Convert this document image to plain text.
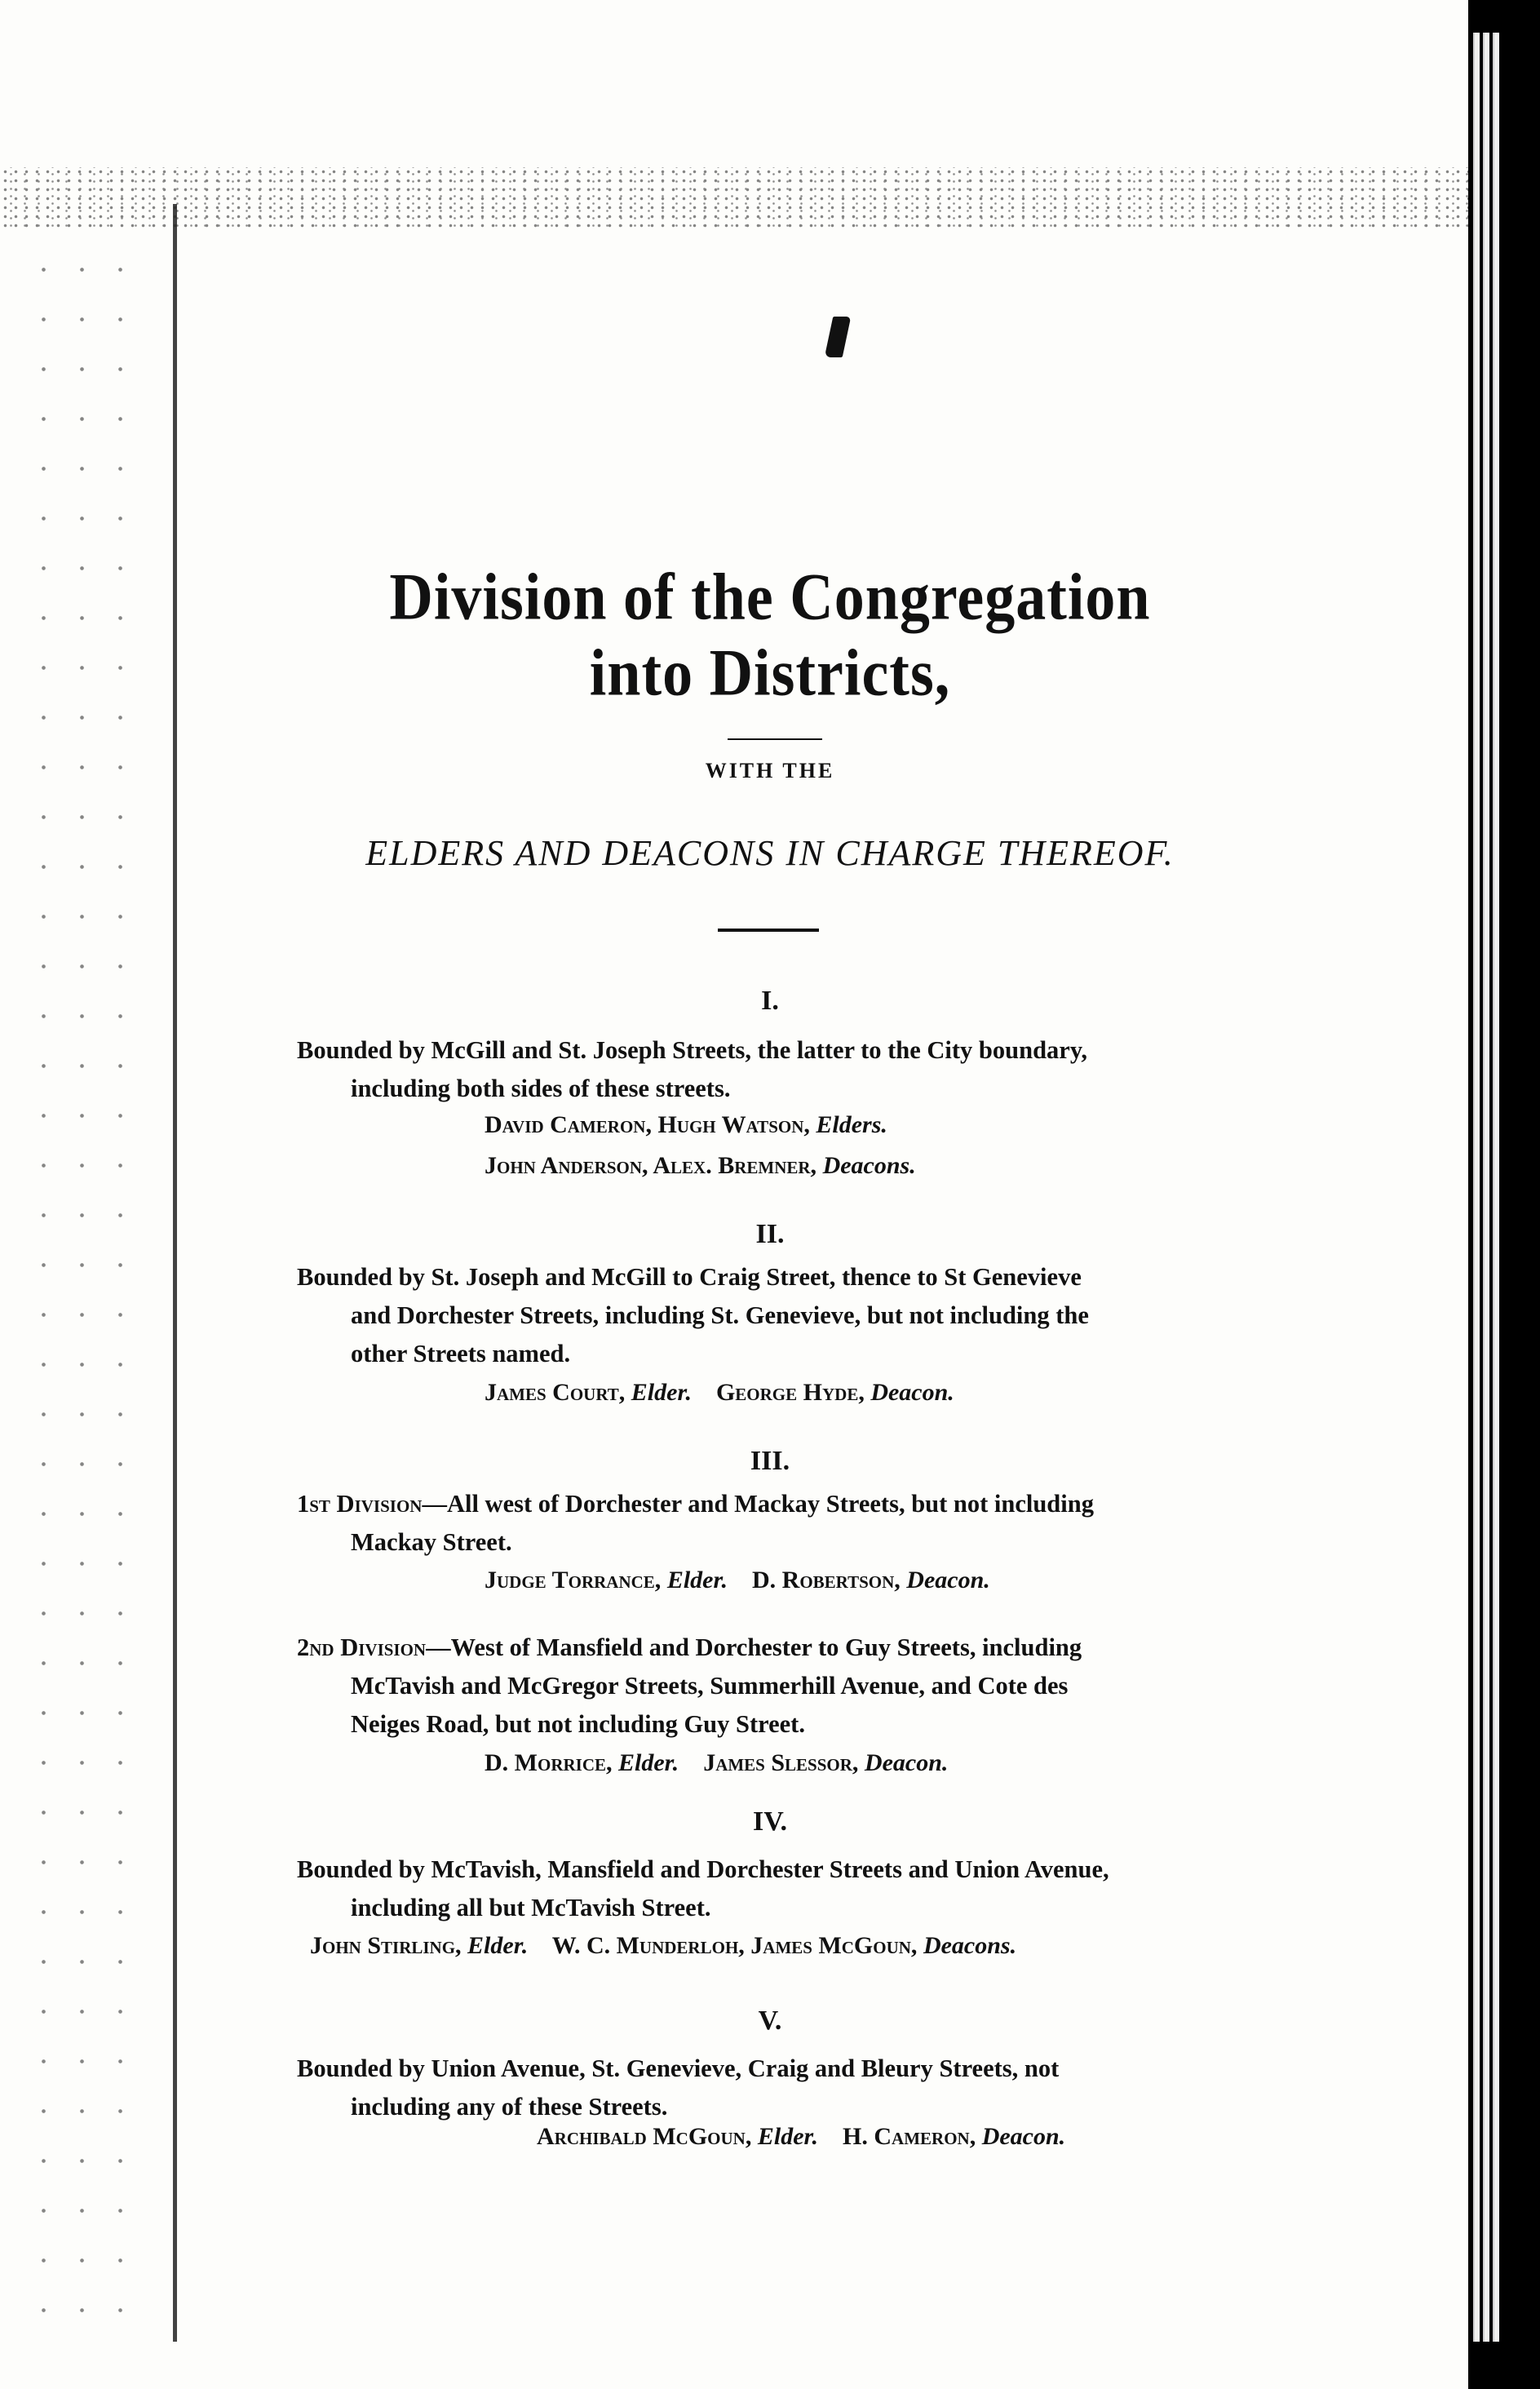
Division of the Congregation
into Districts,
WITH THE
ELDERS AND DEACONS IN CHARGE THEREOF.
I.
Bounded by McGill and St. Joseph Streets, the latter to the City boundary,
including both sides of these streets.
David Cameron, Hugh Watson, Elders.
John Anderson, Alex. Bremner, Deacons.
II.
Bounded by St. Joseph and McGill to Craig Street, thence to St Genevieve
and Dorchester Streets, including St. Genevieve, but not including the
other Streets named.
James Court, Elder. George Hyde, Deacon.
III.
1st Division—All west of Dorchester and Mackay Streets, but not including
Mackay Street.
Judge Torrance, Elder. D. Robertson, Deacon.
2nd Division—West of Mansfield and Dorchester to Guy Streets, including
McTavish and McGregor Streets, Summerhill Avenue, and Cote des
Neiges Road, but not including Guy Street.
D. Morrice, Elder. James Slessor, Deacon.
IV.
Bounded by McTavish, Mansfield and Dorchester Streets and Union Avenue,
including all but McTavish Street.
John Stirling, Elder. W. C. Munderloh, James McGoun, Deacons.
V.
Bounded by Union Avenue, St. Genevieve, Craig and Bleury Streets, not
including any of these Streets.
Archibald McGoun, Elder. H. Cameron, Deacon.
